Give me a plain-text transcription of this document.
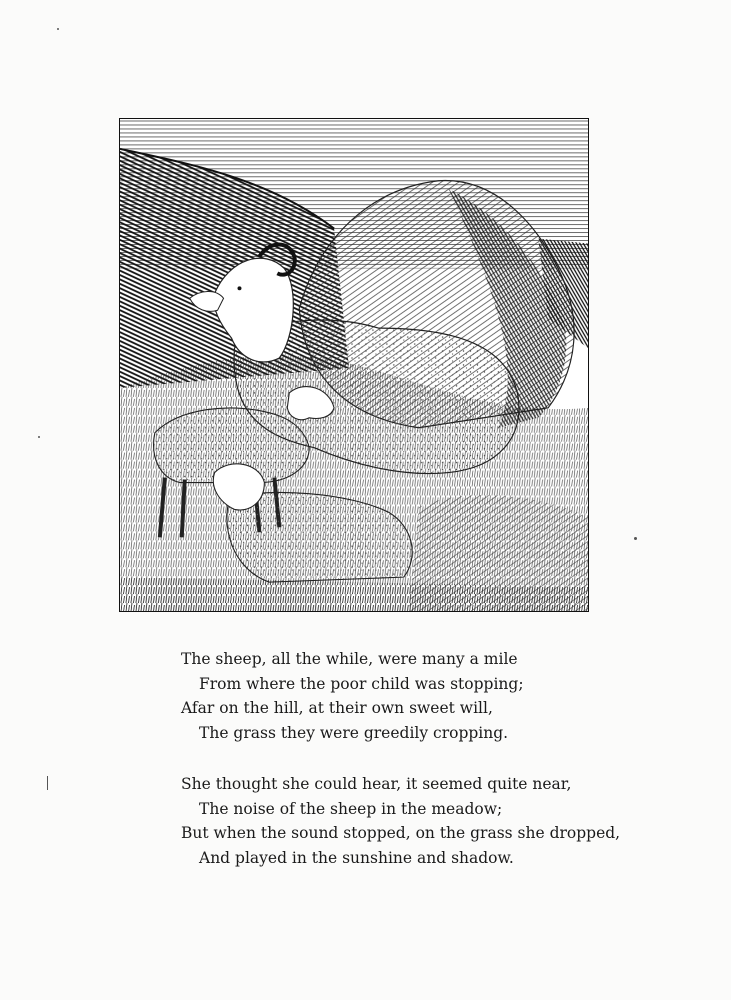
The sheep, all the while, were many a mile
From where the poor child was stopping;
Afar on the hill, at their own sweet will,
The grass they were greedily cropping.
She thought she could hear, it seemed quite near,
The noise of the sheep in the meadow;
But when the sound stopped, on the grass she dropped,
And played in the sunshine and shadow.
